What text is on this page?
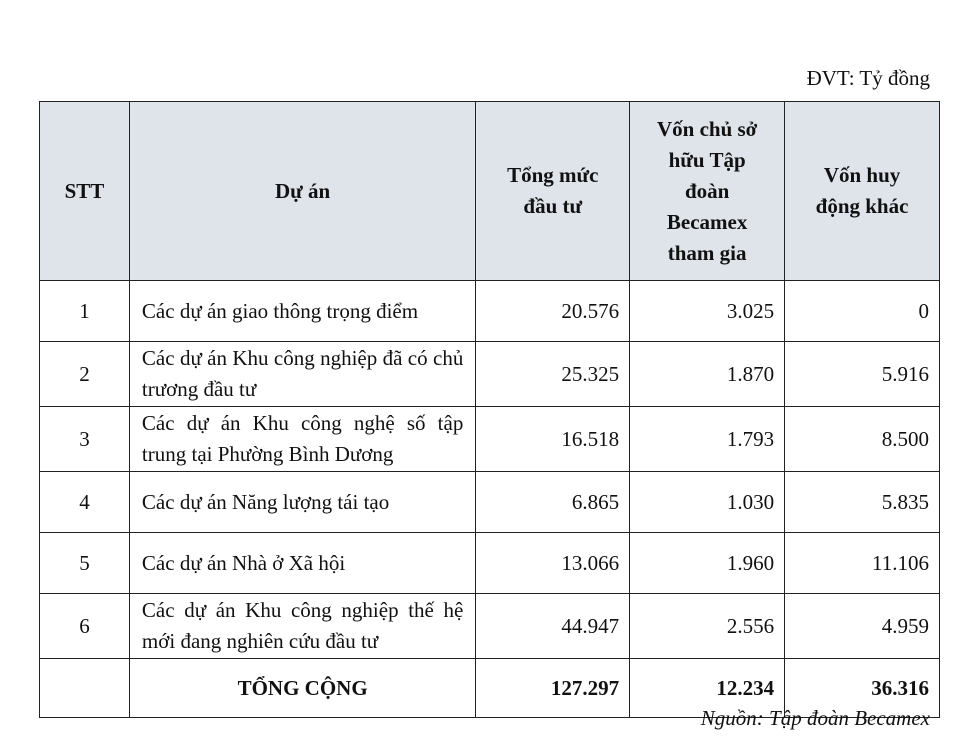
ĐVT: Tỷ đồng
STT	Dự án	Tổng mức đầu tư	Vốn chủ sở hữu Tập đoàn Becamex tham gia	Vốn huy động khác
1	Các dự án giao thông trọng điểm	20.576	3.025	0
2	Các dự án Khu công nghiệp đã có chủ trương đầu tư	25.325	1.870	5.916
3	Các dự án Khu công nghệ số tập trung tại Phường Bình Dương	16.518	1.793	8.500
4	Các dự án Năng lượng tái tạo	6.865	1.030	5.835
5	Các dự án Nhà ở Xã hội	13.066	1.960	11.106
6	Các dự án Khu công nghiệp thế hệ mới đang nghiên cứu đầu tư	44.947	2.556	4.959
	TỔNG CỘNG	127.297	12.234	36.316
Nguồn: Tập đoàn Becamex
